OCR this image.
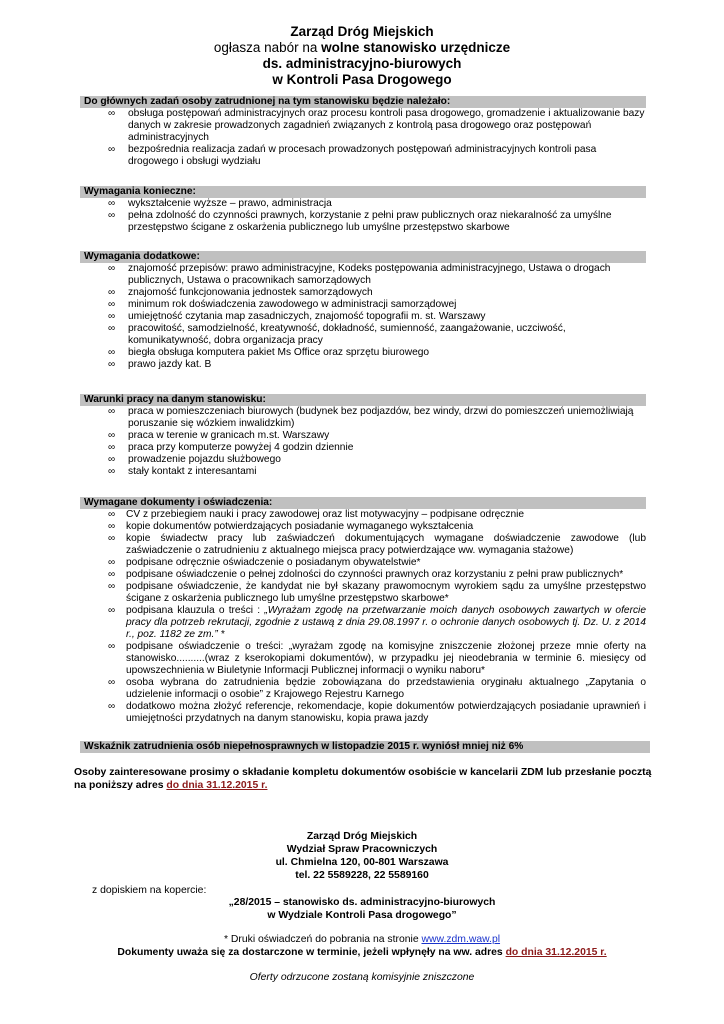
Zarząd Dróg Miejskich
ogłasza nabór na wolne stanowisko urzędnicze
ds. administracyjno-biurowych
w Kontroli Pasa Drogowego
Do głównych zadań osoby zatrudnionej na tym stanowisku będzie należało:
∞ obsługa postępowań administracyjnych oraz procesu kontroli pasa drogowego, gromadzenie i aktualizowanie bazy danych w zakresie prowadzonych zagadnień związanych z kontrolą pasa drogowego oraz postępowań administracyjnych
∞ bezpośrednia realizacja zadań w procesach prowadzonych postępowań administracyjnych kontroli pasa drogowego i obsługi wydziału
Wymagania konieczne:
∞ wykształcenie wyższe – prawo, administracja
∞ pełna zdolność do czynności prawnych, korzystanie z pełni praw publicznych oraz niekaralność za umyślne przestępstwo ścigane z oskarżenia publicznego lub umyślne przestępstwo skarbowe
Wymagania dodatkowe:
∞ znajomość przepisów: prawo administracyjne, Kodeks postępowania administracyjnego, Ustawa o drogach publicznych, Ustawa o pracownikach samorządowych
∞ znajomość funkcjonowania jednostek samorządowych
∞ minimum rok doświadczenia zawodowego w administracji samorządowej
∞ umiejętność czytania map zasadniczych, znajomość topografii m. st. Warszawy
∞ pracowitość, samodzielność, kreatywność, dokładność, sumienność, zaangażowanie, uczciwość, komunikatywność, dobra organizacja pracy
∞ biegła obsługa komputera pakiet Ms Office oraz sprzętu biurowego
∞ prawo jazdy kat. B
Warunki pracy na danym stanowisku:
∞ praca w pomieszczeniach biurowych (budynek bez podjazdów, bez windy, drzwi do pomieszczeń uniemożliwiają poruszanie się wózkiem inwalidzkim)
∞ praca w terenie w granicach m.st. Warszawy
∞ praca przy komputerze powyżej 4 godzin dziennie
∞ prowadzenie pojazdu służbowego
∞ stały kontakt z interesantami
Wymagane dokumenty i oświadczenia:
∞ CV z przebiegiem nauki i pracy zawodowej oraz list motywacyjny – podpisane odręcznie
∞ kopie dokumentów potwierdzających posiadanie wymaganego wykształcenia
∞ kopie świadectw pracy lub zaświadczeń dokumentujących wymagane doświadczenie zawodowe (lub zaświadczenie o zatrudnieniu z aktualnego miejsca pracy potwierdzające ww. wymagania stażowe)
∞ podpisane odręcznie oświadczenie o posiadanym obywatelstwie*
∞ podpisane oświadczenie o pełnej zdolności do czynności prawnych oraz korzystaniu z pełni praw publicznych*
∞ podpisane oświadczenie, że kandydat nie był skazany prawomocnym wyrokiem sądu za umyślne przestępstwo ścigane z oskarżenia publicznego lub umyślne przestępstwo skarbowe*
∞ podpisana klauzula o treści : „Wyrażam zgodę na przetwarzanie moich danych osobowych zawartych w ofercie pracy dla potrzeb rekrutacji, zgodnie z ustawą z dnia 29.08.1997 r. o ochronie danych osobowych tj. Dz. U. z 2014 r., poz. 1182 ze zm.” *
∞ podpisane oświadczenie o treści: „wyrażam zgodę na komisyjne zniszczenie złożonej przeze mnie oferty na stanowisko..........(wraz z kserokopiami dokumentów), w przypadku jej nieodebrania w terminie 6. miesięcy od upowszechnienia w Biuletynie Informacji Publicznej informacji o wyniku naboru*
∞ osoba wybrana do zatrudnienia będzie zobowiązana do przedstawienia oryginału aktualnego „Zapytania o udzielenie informacji o osobie” z Krajowego Rejestru Karnego
∞ dodatkowo można złożyć referencje, rekomendacje, kopie dokumentów potwierdzających posiadanie uprawnień i umiejętności przydatnych na danym stanowisku, kopia prawa jazdy
Wskaźnik zatrudnienia osób niepełnosprawnych w listopadzie 2015 r. wyniósł mniej niż 6%
Osoby zainteresowane prosimy o składanie kompletu dokumentów osobiście w kancelarii ZDM lub przesłanie pocztą na poniższy adres do dnia 31.12.2015 r.
Zarząd Dróg Miejskich
Wydział Spraw Pracowniczych
ul. Chmielna 120, 00-801 Warszawa
tel. 22 5589228, 22 5589160
z dopiskiem na kopercie:
„28/2015 – stanowisko ds. administracyjno-biurowych
w Wydziale Kontroli Pasa drogowego”
* Druki oświadczeń do pobrania na stronie www.zdm.waw.pl
Dokumenty uważa się za dostarczone w terminie, jeżeli wpłynęły na ww. adres do dnia 31.12.2015 r.
Oferty odrzucone zostaną komisyjnie zniszczone
